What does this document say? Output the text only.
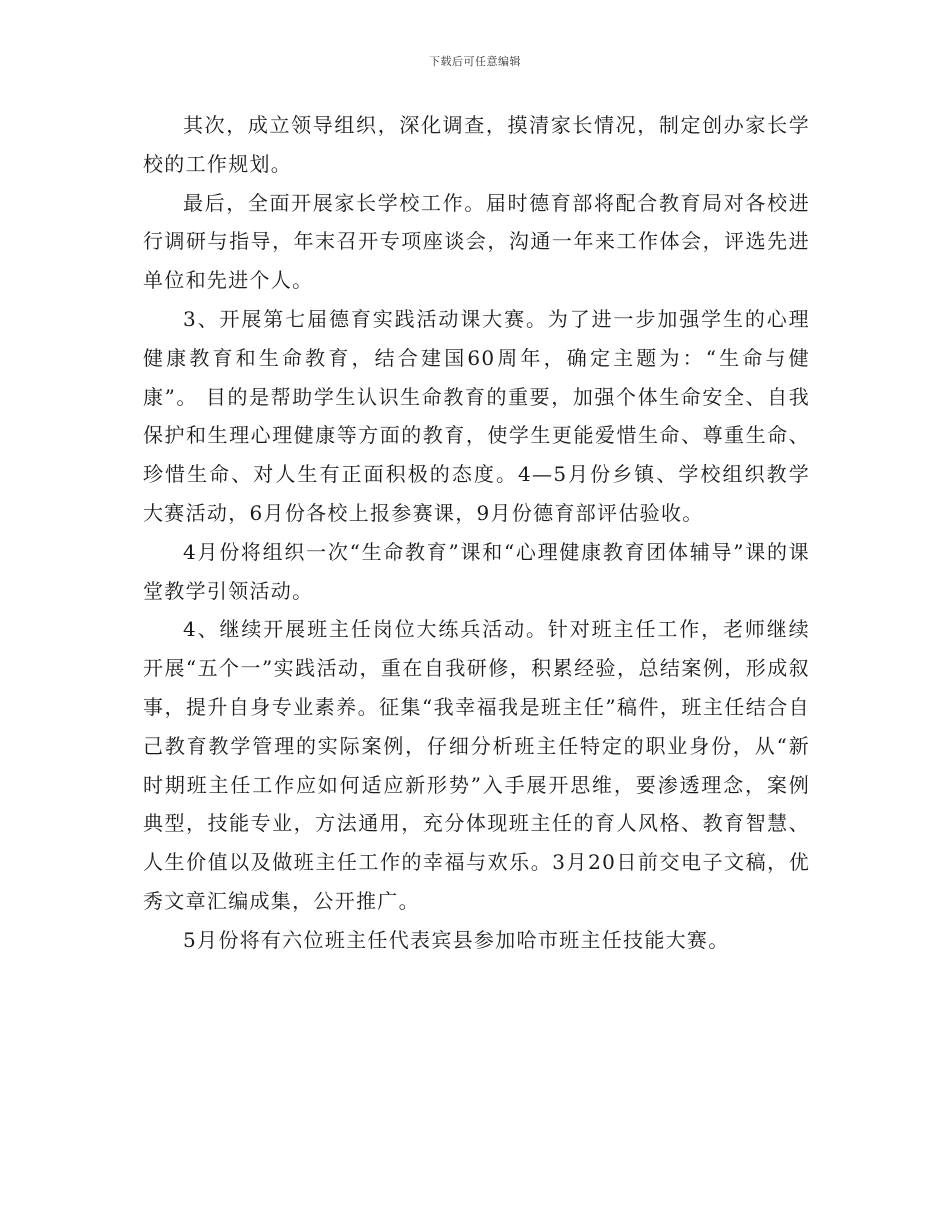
下载后可任意编辑

其次，成立领导组织，深化调查，摸清家长情况，制定创办家长学校的工作规划。

最后，全面开展家长学校工作。届时德育部将配合教育局对各校进行调研与指导，年末召开专项座谈会，沟通一年来工作体会，评选先进单位和先进个人。

3、开展第七届德育实践活动课大赛。为了进一步加强学生的心理健康教育和生命教育，结合建国60周年，确定主题为：“生命与健康”。 目的是帮助学生认识生命教育的重要，加强个体生命安全、自我保护和生理心理健康等方面的教育，使学生更能爱惜生命、尊重生命、珍惜生命、对人生有正面积极的态度。4—5月份乡镇、学校组织教学大赛活动，6月份各校上报参赛课，9月份德育部评估验收。

4月份将组织一次“生命教育”课和“心理健康教育团体辅导”课的课堂教学引领活动。

4、继续开展班主任岗位大练兵活动。针对班主任工作，老师继续开展“五个一”实践活动，重在自我研修，积累经验，总结案例，形成叙事，提升自身专业素养。征集“我幸福我是班主任”稿件，班主任结合自己教育教学管理的实际案例，仔细分析班主任特定的职业身份，从“新时期班主任工作应如何适应新形势”入手展开思维，要渗透理念，案例典型，技能专业，方法通用，充分体现班主任的育人风格、教育智慧、人生价值以及做班主任工作的幸福与欢乐。3月20日前交电子文稿，优秀文章汇编成集，公开推广。

5月份将有六位班主任代表宾县参加哈市班主任技能大赛。
